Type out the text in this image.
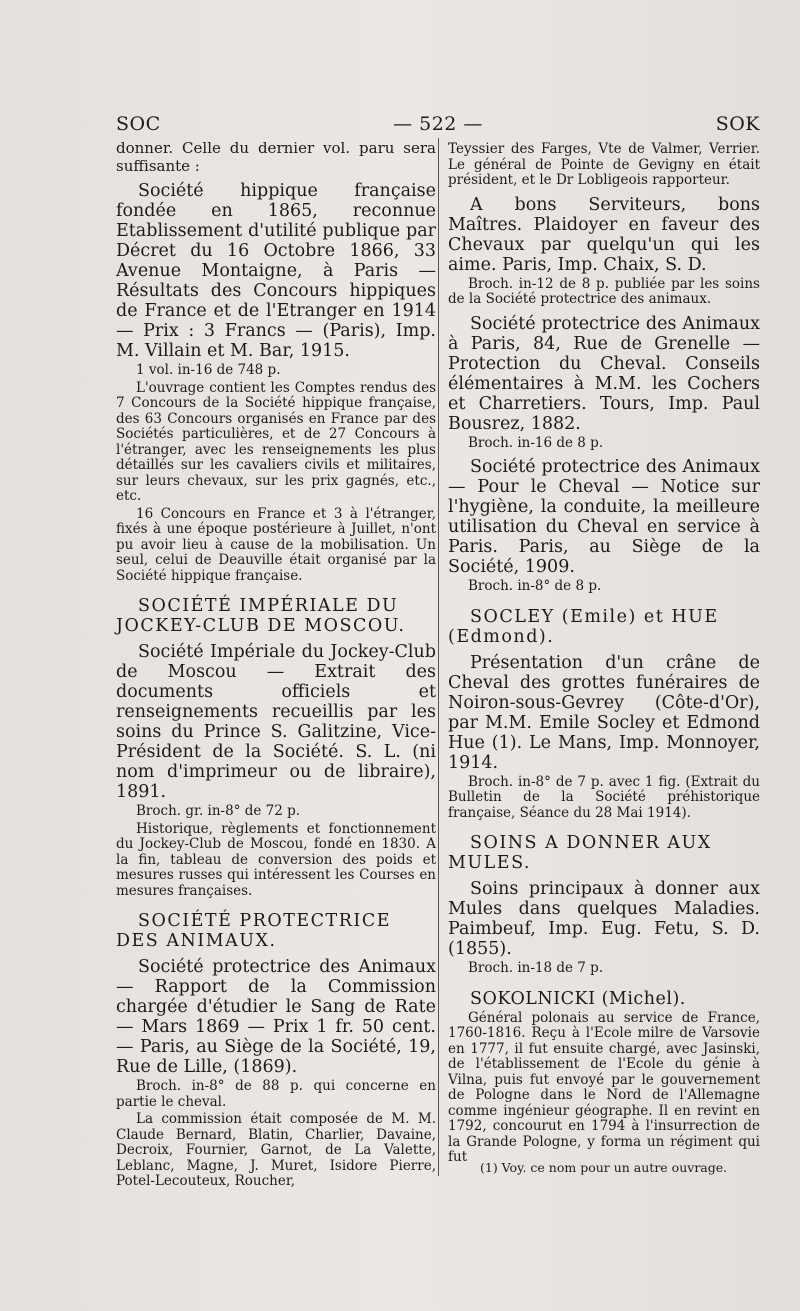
SOC	— 522 —	SOK

donner. Celle du dernier vol. paru sera suffisante :

Société hippique française fondée en 1865, reconnue Etablissement d'utilité publique par Décret du 16 Octobre 1866, 33 Avenue Montaigne, à Paris — Résultats des Concours hippiques de France et de l'Etranger en 1914 — Prix : 3 Francs — (Paris), Imp. M. Villain et M. Bar, 1915.

1 vol. in-16 de 748 p.

L'ouvrage contient les Comptes rendus des 7 Concours de la Société hippique française, des 63 Concours organisés en France par des Sociétés particulières, et de 27 Concours à l'étranger, avec les renseignements les plus détaillés sur les cavaliers civils et militaires, sur leurs chevaux, sur les prix gagnés, etc., etc.

16 Concours en France et 3 à l'étranger, fixés à une époque postérieure à Juillet, n'ont pu avoir lieu à cause de la mobilisation. Un seul, celui de Deauville était organisé par la Société hippique française.

SOCIÉTÉ IMPÉRIALE DU JOCKEY-CLUB DE MOSCOU.

Société Impériale du Jockey-Club de Moscou — Extrait des documents officiels et renseignements recueillis par les soins du Prince S. Galitzine, Vice-Président de la Société. S. L. (ni nom d'imprimeur ou de libraire), 1891.

Broch. gr. in-8° de 72 p.

Historique, règlements et fonctionnement du Jockey-Club de Moscou, fondé en 1830. A la fin, tableau de conversion des poids et mesures russes qui intéressent les Courses en mesures françaises.

SOCIÉTÉ PROTECTRICE DES ANIMAUX.

Société protectrice des Animaux — Rapport de la Commission chargée d'étudier le Sang de Rate — Mars 1869 — Prix 1 fr. 50 cent. — Paris, au Siège de la Société, 19, Rue de Lille, (1869).

Broch. in-8° de 88 p. qui concerne en partie le cheval.

La commission était composée de M. M. Claude Bernard, Blatin, Charlier, Davaine, Decroix, Fournier, Garnot, de La Valette, Leblanc, Magne, J. Muret, Isidore Pierre, Potel-Lecouteux, Roucher,

Teyssier des Farges, Vte de Valmer, Verrier. Le général de Pointe de Gevigny en était président, et le Dr Lobligeois rapporteur.

A bons Serviteurs, bons Maîtres. Plaidoyer en faveur des Chevaux par quelqu'un qui les aime. Paris, Imp. Chaix, S. D.

Broch. in-12 de 8 p. publiée par les soins de la Société protectrice des animaux.

Société protectrice des Animaux à Paris, 84, Rue de Grenelle — Protection du Cheval. Conseils élémentaires à M.M. les Cochers et Charretiers. Tours, Imp. Paul Bousrez, 1882.

Broch. in-16 de 8 p.

Société protectrice des Animaux — Pour le Cheval — Notice sur l'hygiène, la conduite, la meilleure utilisation du Cheval en service à Paris. Paris, au Siège de la Société, 1909.

Broch. in-8° de 8 p.

SOCLEY (Emile) et HUE (Edmond).

Présentation d'un crâne de Cheval des grottes funéraires de Noiron-sous-Gevrey (Côte-d'Or), par M.M. Emile Socley et Edmond Hue (1). Le Mans, Imp. Monnoyer, 1914.

Broch. in-8° de 7 p. avec 1 fig. (Extrait du Bulletin de la Société préhistorique française, Séance du 28 Mai 1914).

SOINS A DONNER AUX MULES.

Soins principaux à donner aux Mules dans quelques Maladies. Paimbeuf, Imp. Eug. Fetu, S. D. (1855).

Broch. in-18 de 7 p.

SOKOLNICKI (Michel).

Général polonais au service de France, 1760-1816. Reçu à l'Ecole milre de Varsovie en 1777, il fut ensuite chargé, avec Jasinski, de l'établissement de l'Ecole du génie à Vilna, puis fut envoyé par le gouvernement de Pologne dans le Nord de l'Allemagne comme ingénieur géographe. Il en revint en 1792, concourut en 1794 à l'insurrection de la Grande Pologne, y forma un régiment qui fut

(1) Voy. ce nom pour un autre ouvrage.
